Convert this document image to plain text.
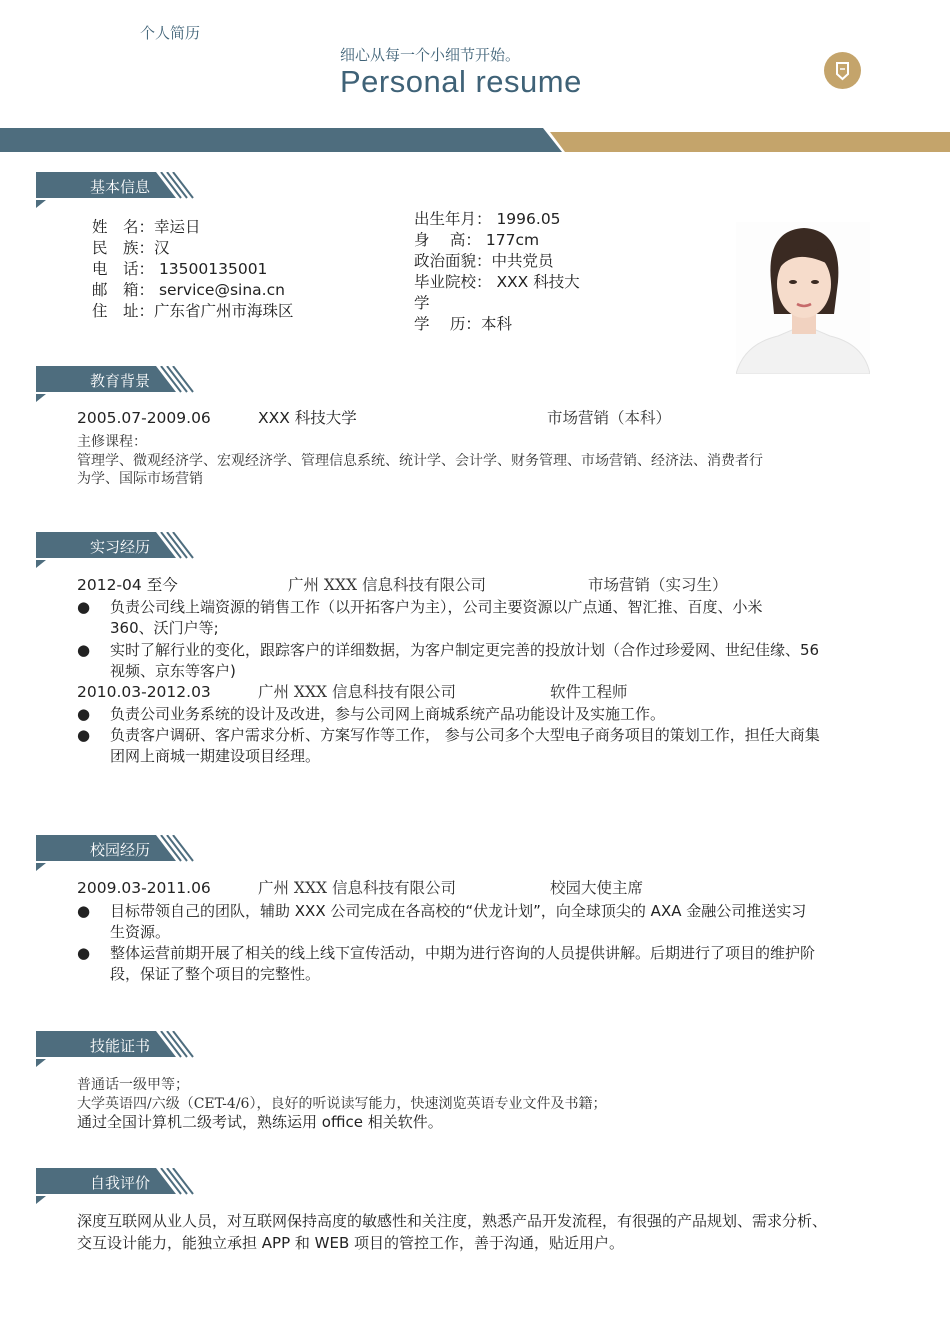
个人简历
细心从每一个小细节开始。
Personal resume
基本信息
姓　名：幸运日
民　族：汉
电　话： 13500135001
邮　箱： service@sina.cn
住　址：广东省广州市海珠区
出生年月： 1996.05
身　 高： 177cm
政治面貌：中共党员
毕业院校： XXX 科技大
学
学　 历：本科
教育背景
2005.07-2009.06	XXX 科技大学	市场营销（本科）
主修课程：
管理学、微观经济学、宏观经济学、管理信息系统、统计学、会计学、财务管理、市场营销、经济法、消费者行
为学、国际市场营销
实习经历
2012-04 至今	广州 XXX 信息科技有限公司	市场营销（实习生）
● 负责公司线上端资源的销售工作（以开拓客户为主），公司主要资源以广点通、智汇推、百度、小米
360、沃门户等;
● 实时了解行业的变化，跟踪客户的详细数据，为客户制定更完善的投放计划（合作过珍爱网、世纪佳缘、56
视频、京东等客户)
2010.03-2012.03	广州 XXX 信息科技有限公司	软件工程师
● 负责公司业务系统的设计及改进，参与公司网上商城系统产品功能设计及实施工作。
● 负责客户调研、客户需求分析、方案写作等工作， 参与公司多个大型电子商务项目的策划工作，担任大商集
团网上商城一期建设项目经理。
校园经历
2009.03-2011.06	广州 XXX 信息科技有限公司	校园大使主席
● 目标带领自己的团队，辅助 XXX 公司完成在各高校的“伏龙计划”，向全球顶尖的 AXA 金融公司推送实习
生资源。
● 整体运营前期开展了相关的线上线下宣传活动，中期为进行咨询的人员提供讲解。后期进行了项目的维护阶
段，保证了整个项目的完整性。
技能证书
普通话一级甲等；
大学英语四/六级（CET-4/6），良好的听说读写能力，快速浏览英语专业文件及书籍；
通过全国计算机二级考试，熟练运用 office 相关软件。
自我评价
深度互联网从业人员，对互联网保持高度的敏感性和关注度，熟悉产品开发流程，有很强的产品规划、需求分析、
交互设计能力，能独立承担 APP 和 WEB 项目的管控工作，善于沟通，贴近用户。
